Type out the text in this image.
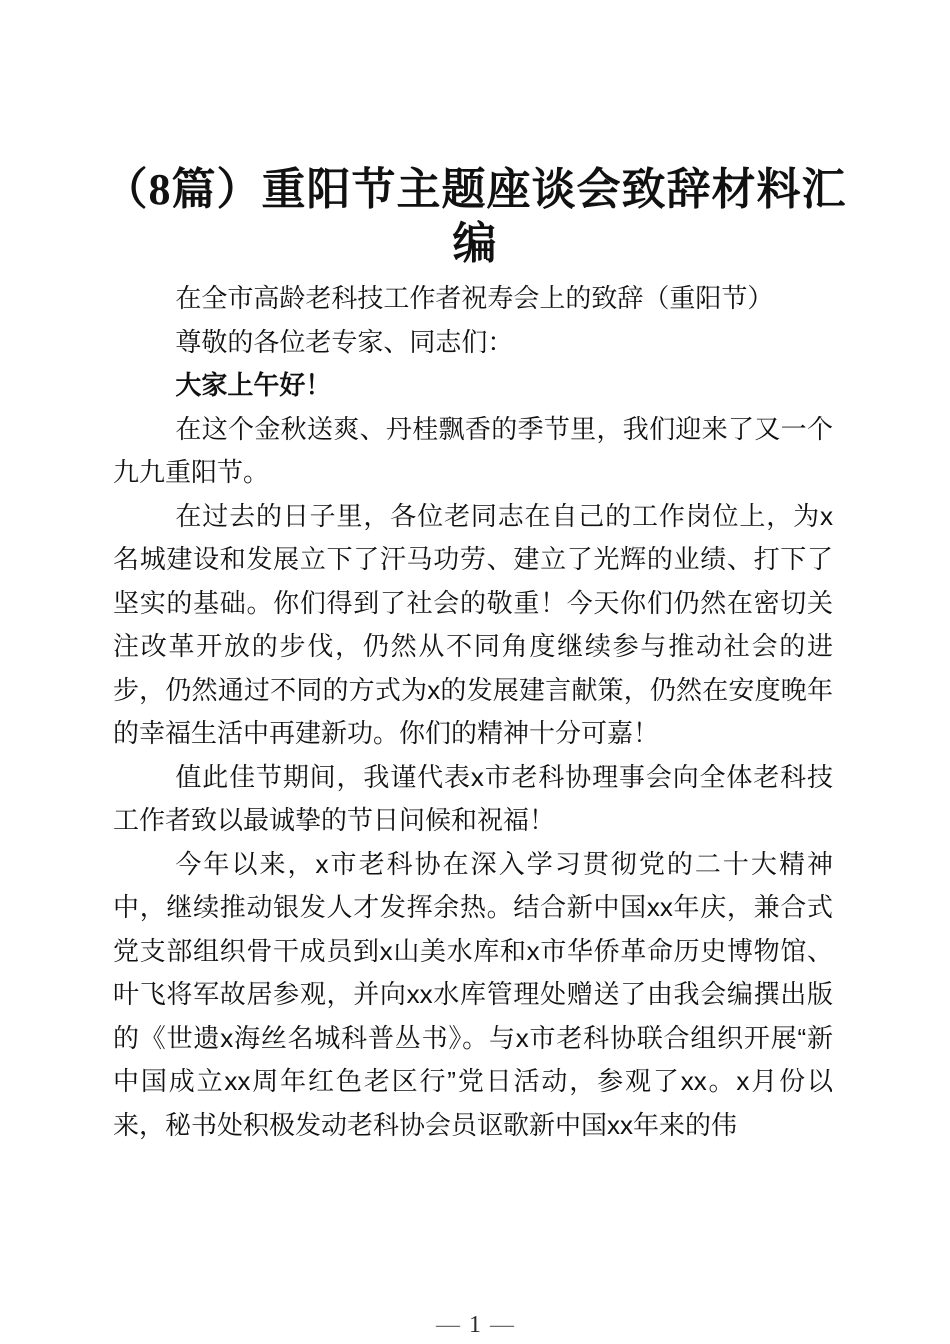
（8篇）重阳节主题座谈会致辞材料汇
编

在全市高龄老科技工作者祝寿会上的致辞（重阳节）

尊敬的各位老专家、同志们：

大家上午好！

在这个金秋送爽、丹桂飘香的季节里，我们迎来了又一个九九重阳节。

在过去的日子里，各位老同志在自己的工作岗位上，为x名城建设和发展立下了汗马功劳、建立了光辉的业绩、打下了坚实的基础。你们得到了社会的敬重！今天你们仍然在密切关注改革开放的步伐，仍然从不同角度继续参与推动社会的进步，仍然通过不同的方式为x的发展建言献策，仍然在安度晚年的幸福生活中再建新功。你们的精神十分可嘉！

值此佳节期间，我谨代表x市老科协理事会向全体老科技工作者致以最诚挚的节日问候和祝福！

今年以来，x市老科协在深入学习贯彻党的二十大精神中，继续推动银发人才发挥余热。结合新中国xx年庆，兼合式党支部组织骨干成员到x山美水库和x市华侨革命历史博物馆、叶飞将军故居参观，并向xx水库管理处赠送了由我会编撰出版的《世遗x海丝名城科普丛书》。与x市老科协联合组织开展“新中国成立xx周年红色老区行”党日活动，参观了xx。x月份以来，秘书处积极发动老科协会员讴歌新中国xx年来的伟

— 1 —
